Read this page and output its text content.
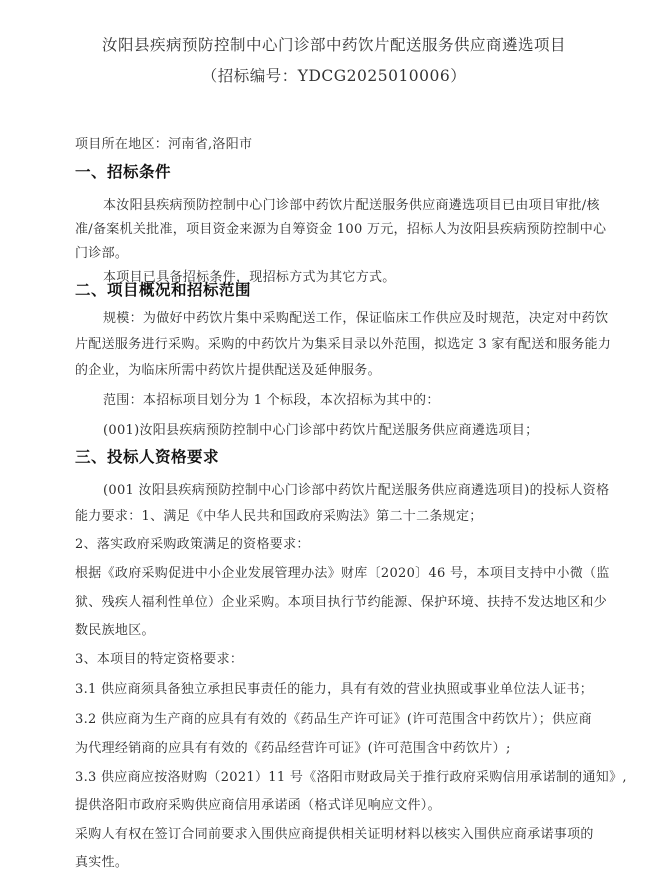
汝阳县疾病预防控制中心门诊部中药饮片配送服务供应商遴选项目
（招标编号：YDCG2025010006）
项目所在地区：河南省,洛阳市
一、招标条件
本汝阳县疾病预防控制中心门诊部中药饮片配送服务供应商遴选项目已由项目审批/核
准/备案机关批准，项目资金来源为自筹资金 100 万元，招标人为汝阳县疾病预防控制中心
门诊部。
本项目已具备招标条件，现招标方式为其它方式。
二、项目概况和招标范围
规模：为做好中药饮片集中采购配送工作，保证临床工作供应及时规范，决定对中药饮
片配送服务进行采购。采购的中药饮片为集采目录以外范围，拟选定 3 家有配送和服务能力
的企业，为临床所需中药饮片提供配送及延伸服务。
范围：本招标项目划分为 1 个标段，本次招标为其中的：
(001)汝阳县疾病预防控制中心门诊部中药饮片配送服务供应商遴选项目；
三、投标人资格要求
(001 汝阳县疾病预防控制中心门诊部中药饮片配送服务供应商遴选项目)的投标人资格
能力要求：1、满足《中华人民共和国政府采购法》第二十二条规定；
2、落实政府采购政策满足的资格要求：
根据《政府采购促进中小企业发展管理办法》财库〔2020〕46 号，本项目支持中小微（监
狱、残疾人福利性单位）企业采购。本项目执行节约能源、保护环境、扶持不发达地区和少
数民族地区。
3、本项目的特定资格要求：
3.1 供应商须具备独立承担民事责任的能力，具有有效的营业执照或事业单位法人证书；
3.2 供应商为生产商的应具有有效的《药品生产许可证》(许可范围含中药饮片）；供应商
为代理经销商的应具有有效的《药品经营许可证》(许可范围含中药饮片）;
3.3 供应商应按洛财购（2021）11 号《洛阳市财政局关于推行政府采购信用承诺制的通知》,
提供洛阳市政府采购供应商信用承诺函（格式详见响应文件）。
采购人有权在签订合同前要求入围供应商提供相关证明材料以核实入围供应商承诺事项的
真实性。
